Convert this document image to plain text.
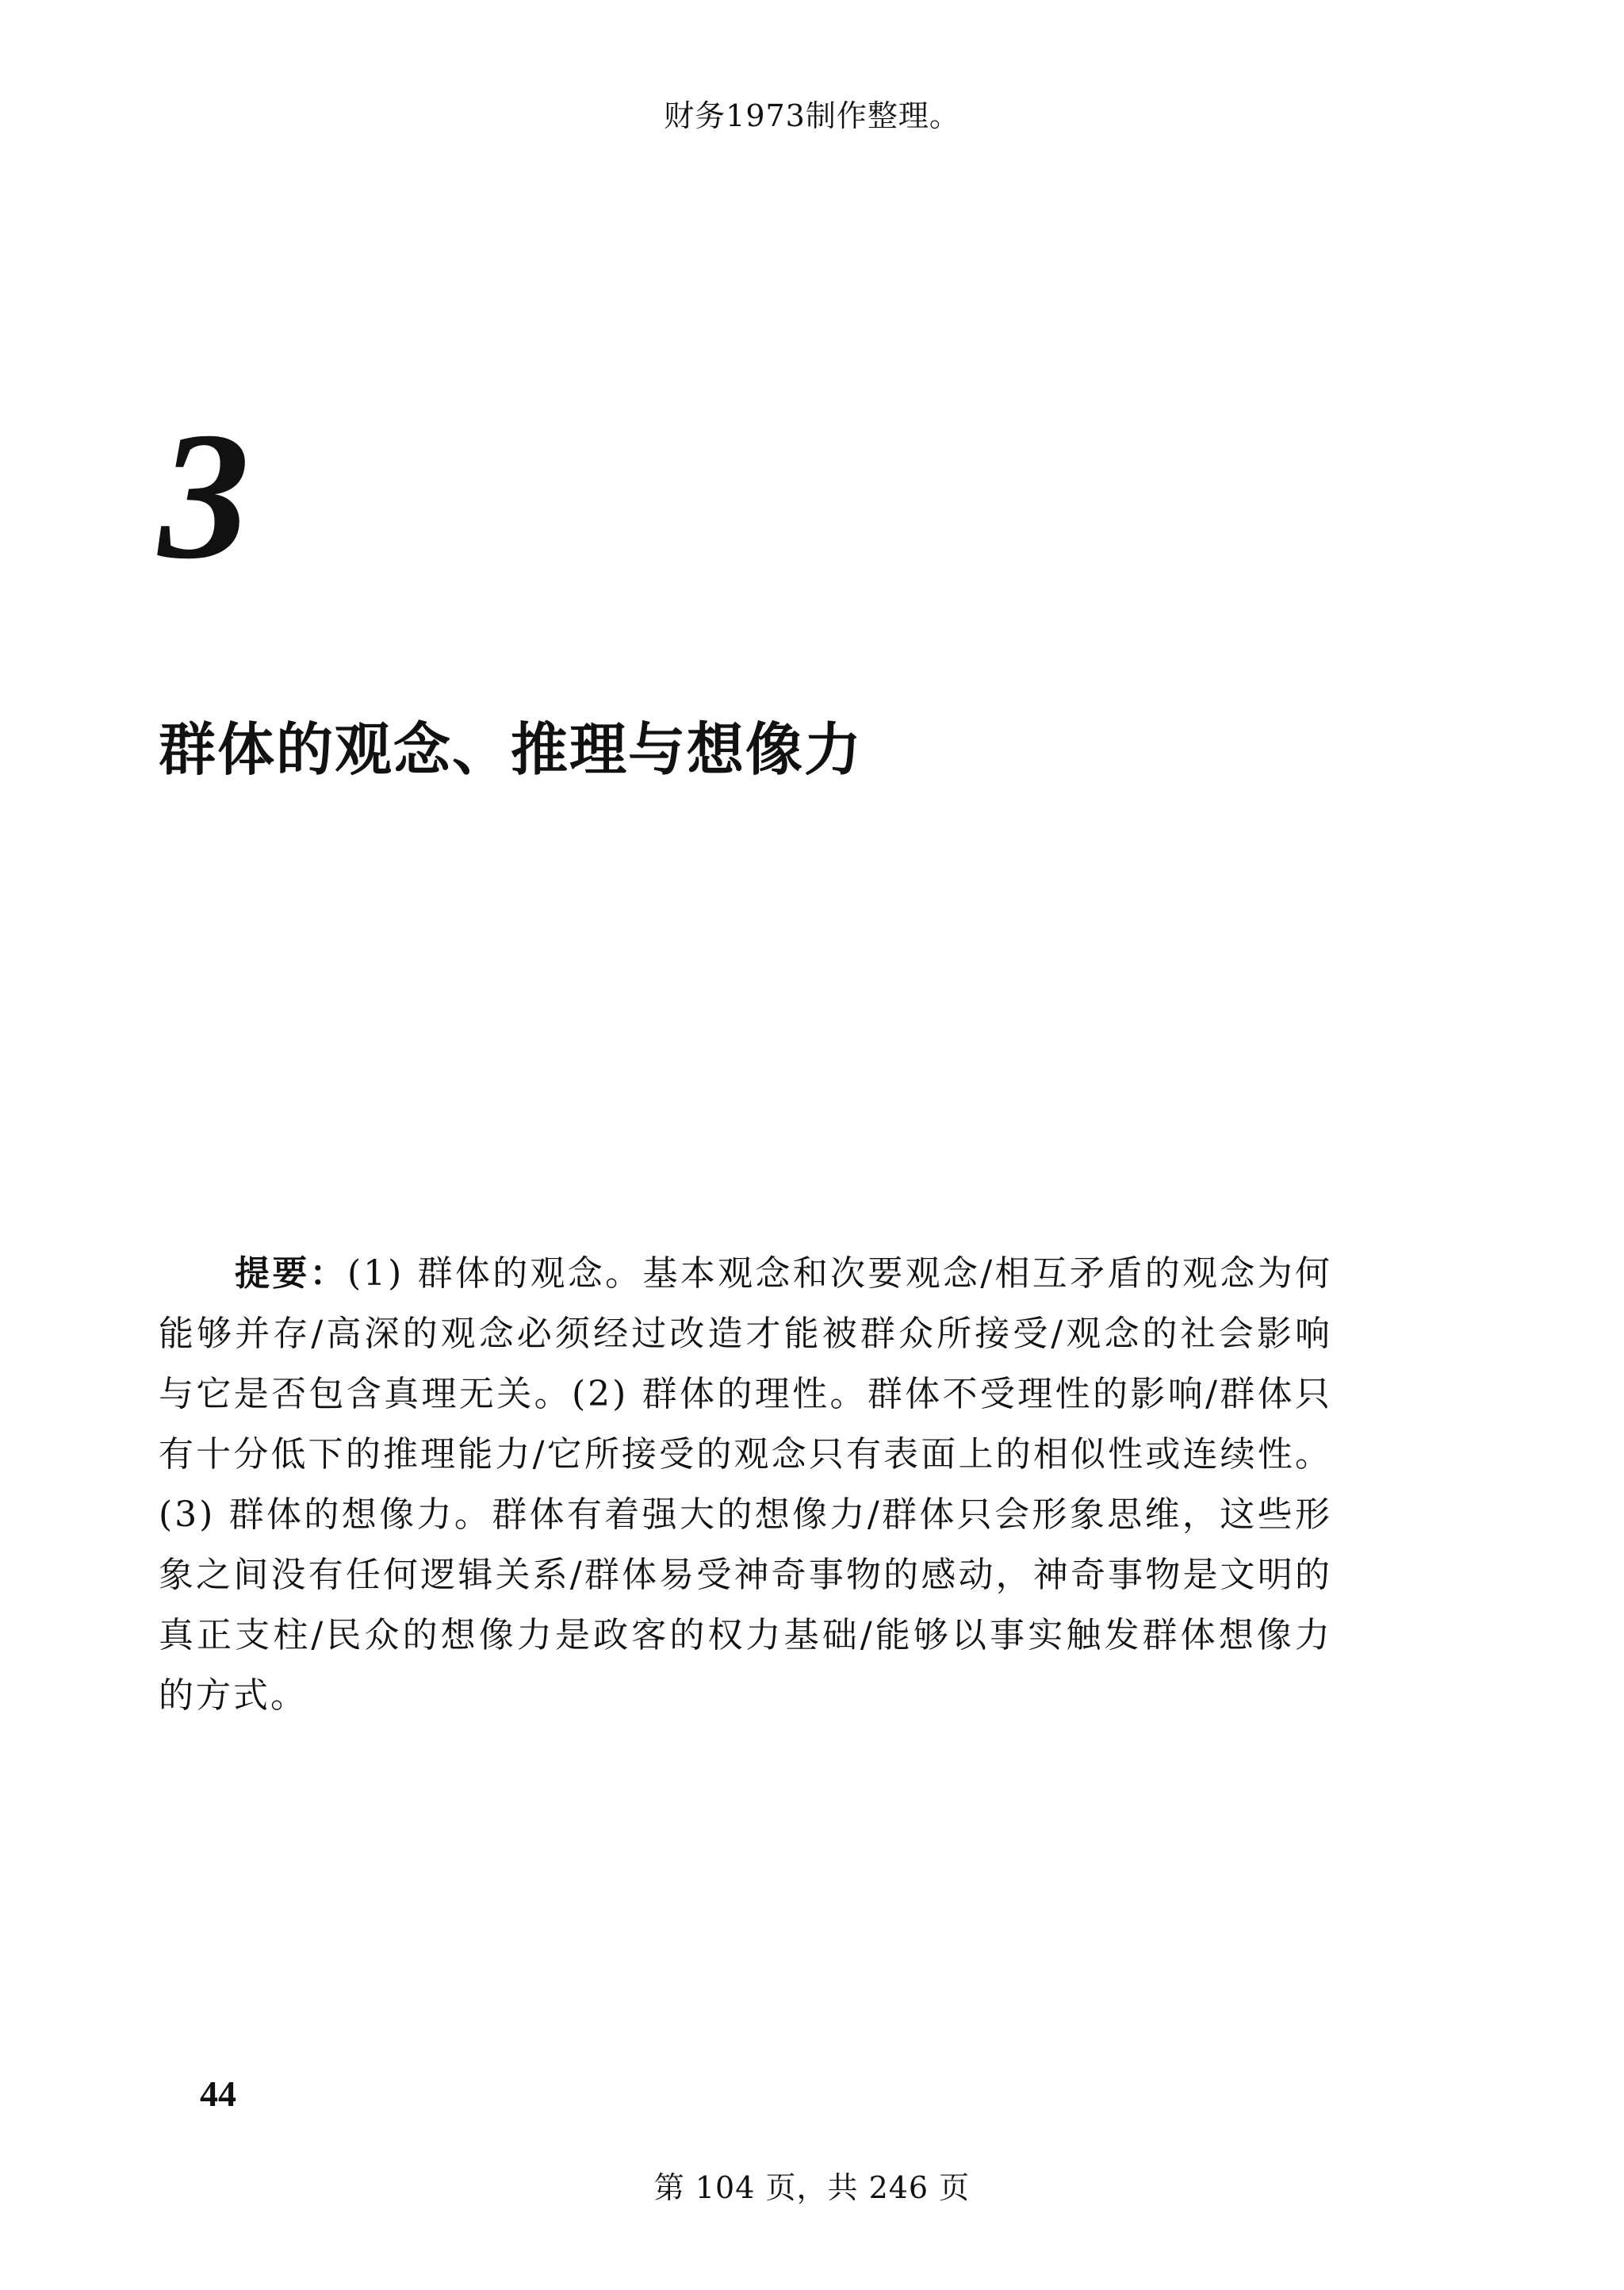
财务1973制作整理。
3
群体的观念、推理与想像力

提要：(1) 群体的观念。基本观念和次要观念/相互矛盾的观念为何能够并存/高深的观念必须经过改造才能被群众所接受/观念的社会影响与它是否包含真理无关。(2) 群体的理性。群体不受理性的影响/群体只有十分低下的推理能力/它所接受的观念只有表面上的相似性或连续性。(3) 群体的想像力。群体有着强大的想像力/群体只会形象思维，这些形象之间没有任何逻辑关系/群体易受神奇事物的感动，神奇事物是文明的真正支柱/民众的想像力是政客的权力基础/能够以事实触发群体想像力的方式。

44
第 104 页，共 246 页
